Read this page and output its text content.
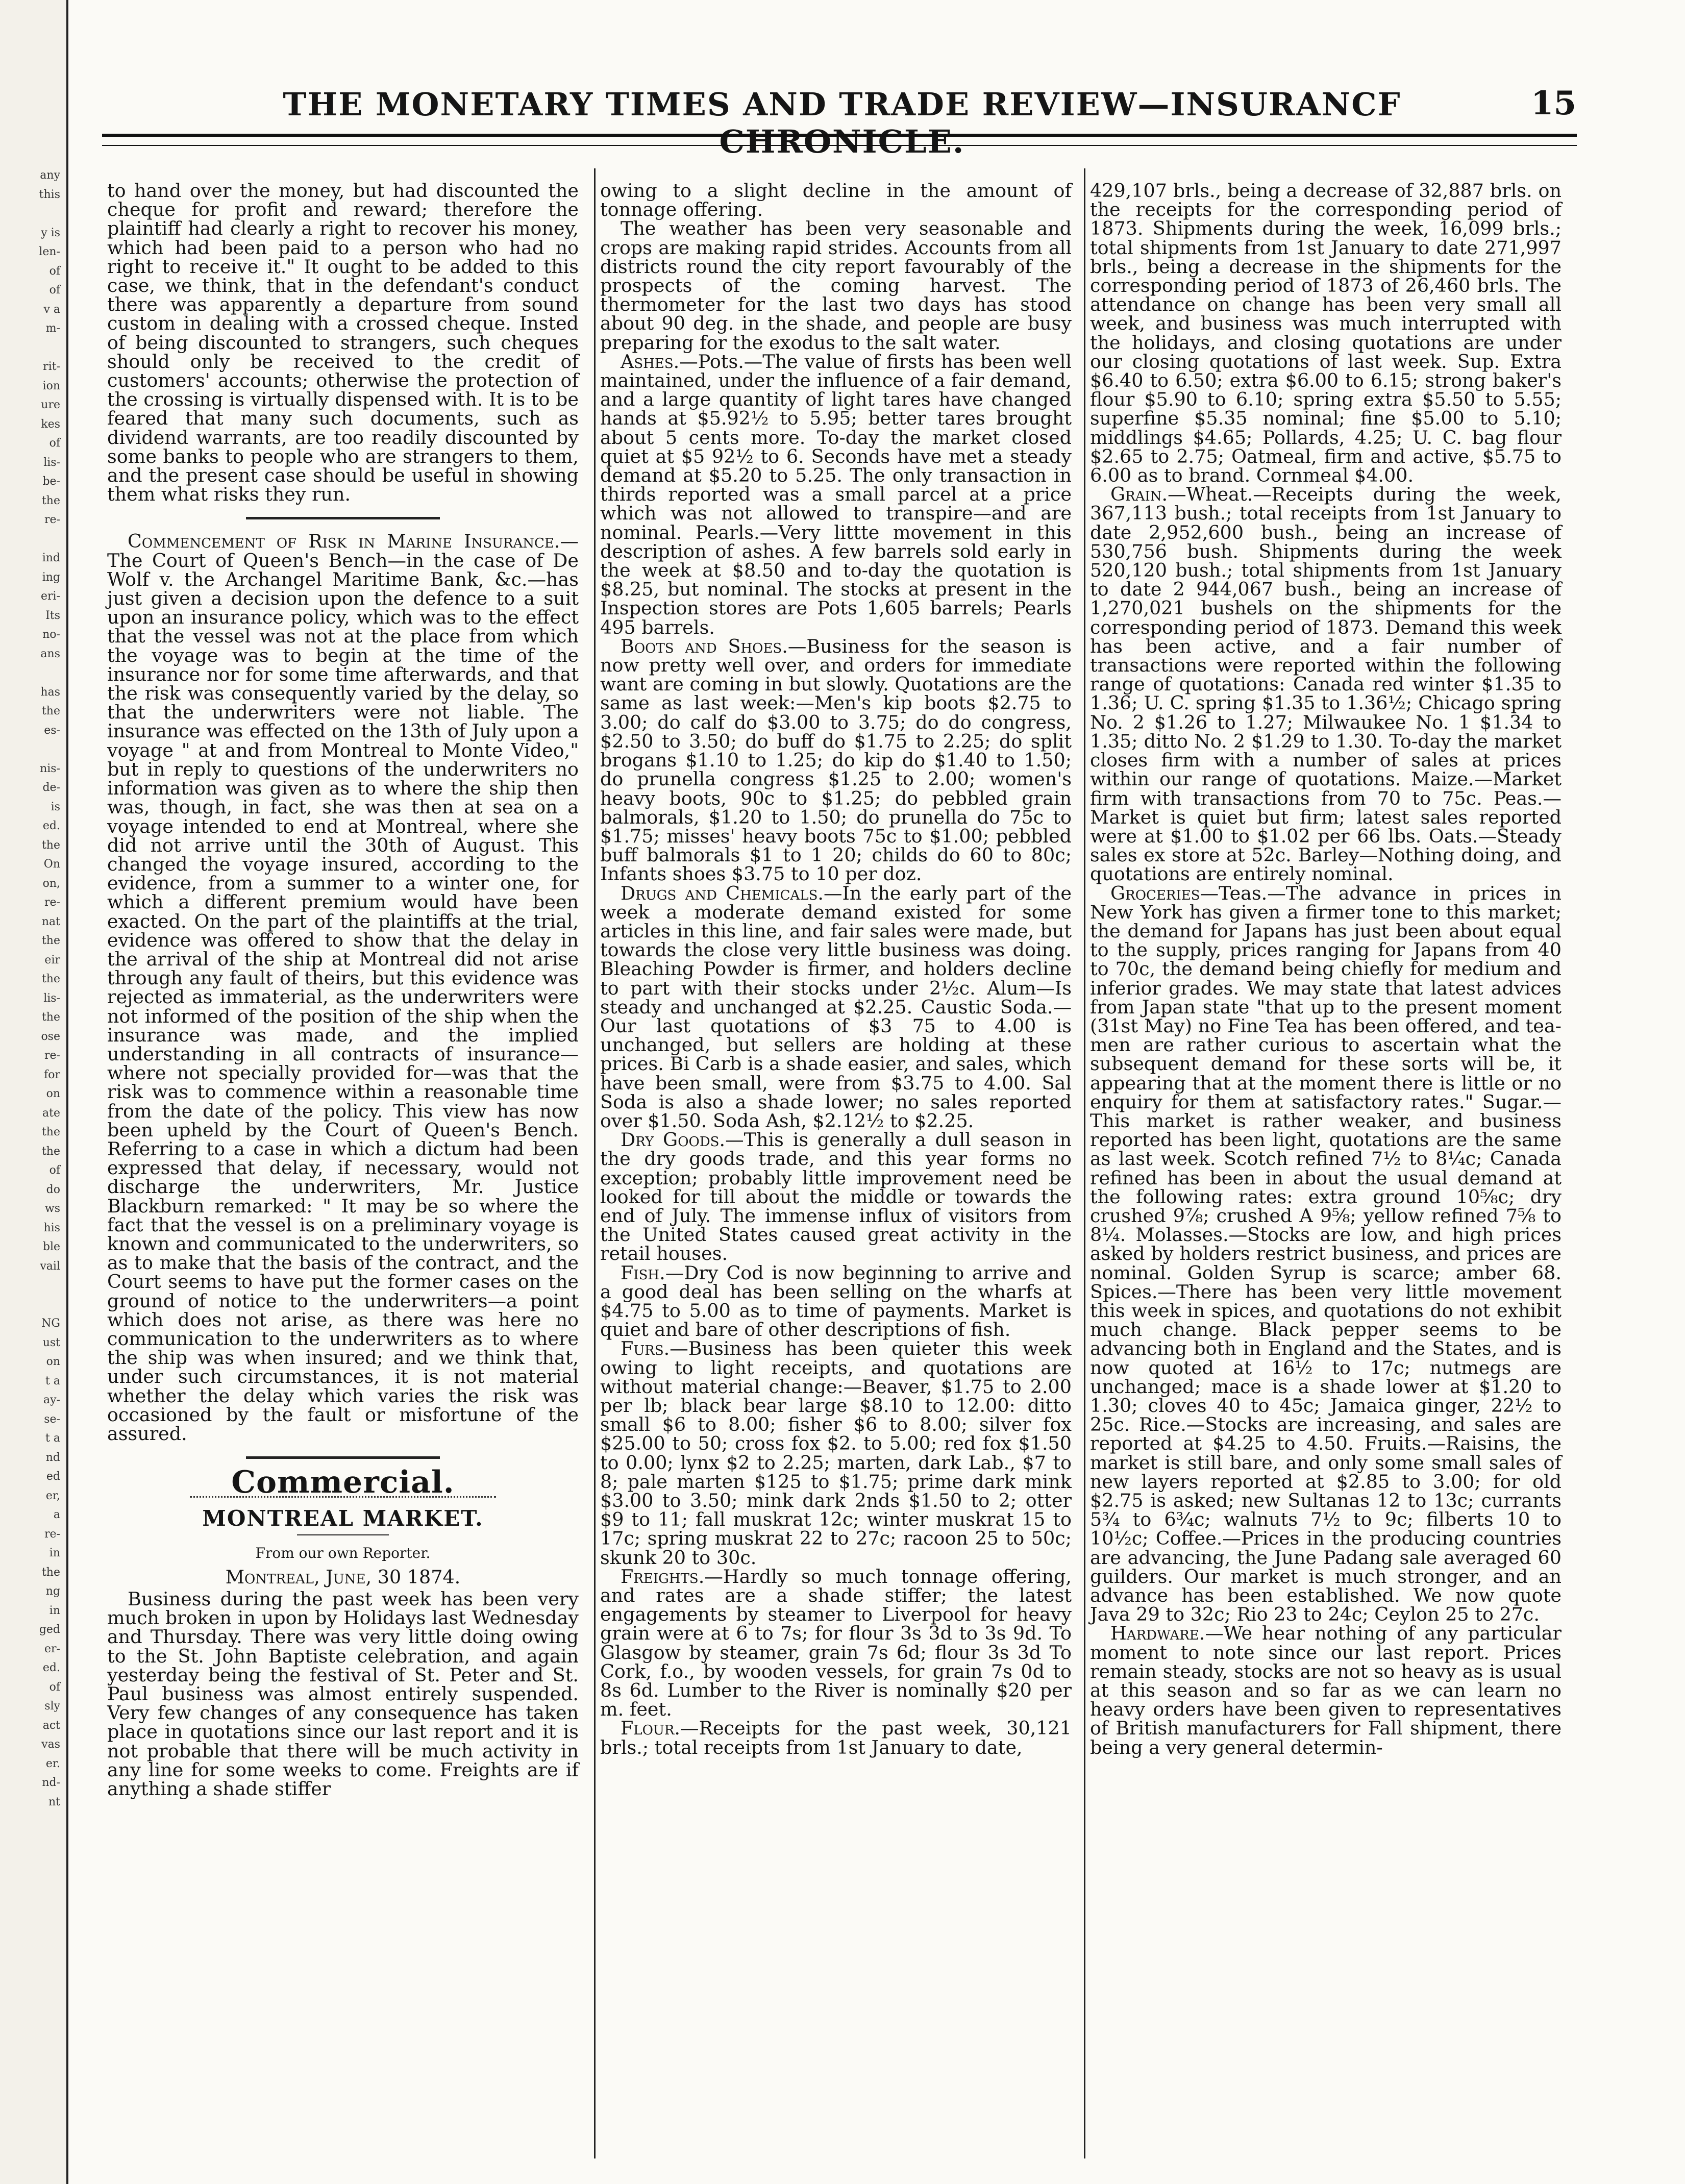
any
this
y is
len-
of
of
v a
m-
rit-
ion
ure
kes
of
lis-
be-
the
re-
ind
ing
eri-
Its
no-
ans
has
the
es-
nis-
de-
is
ed.
the
On
on,
re-
nat
the
eir
the
lis-
the
ose
re-
for
on
ate
the
the
of
do
ws
his
ble
vail
NG
ust
on
t a
ay-
se-
t a
nd
ed
er,
a
re-
in
the
ng
in
ged
er-
ed.
of
sly
act
vas
er.
nd-
nt
THE MONETARY TIMES AND TRADE REVIEW—INSURANCF CHRONICLE.
15

to hand over the money, but had discounted the cheque for profit and reward; therefore the plaintiff had clearly a right to recover his money, which had been paid to a person who had no right to receive it." It ought to be added to this case, we think, that in the defendant's conduct there was apparently a departure from sound custom in dealing with a crossed cheque. Insted of being discounted to strangers, such cheques should only be received to the credit of customers' accounts; otherwise the protection of the crossing is virtually dispensed with. It is to be feared that many such documents, such as dividend warrants, are too readily discounted by some banks to people who are strangers to them, and the present case should be useful in showing them what risks they run.

Commencement of Risk in Marine Insurance.—The Court of Queen's Bench—in the case of De Wolf v. the Archangel Maritime Bank, &c.—has just given a decision upon the defence to a suit upon an insurance policy, which was to the effect that the vessel was not at the place from which the voyage was to begin at the time of the insurance nor for some time afterwards, and that the risk was consequently varied by the delay, so that the underwriters were not liable. The insurance was effected on the 13th of July upon a voyage " at and from Montreal to Monte Video," but in reply to questions of the underwriters no information was given as to where the ship then was, though, in fact, she was then at sea on a voyage intended to end at Montreal, where she did not arrive until the 30th of August. This changed the voyage insured, according to the evidence, from a summer to a winter one, for which a different premium would have been exacted. On the part of the plaintiffs at the trial, evidence was offered to show that the delay in the arrival of the ship at Montreal did not arise through any fault of theirs, but this evidence was rejected as immaterial, as the underwriters were not informed of the position of the ship when the insurance was made, and the implied understanding in all contracts of insurance—where not specially provided for—was that the risk was to commence within a reasonable time from the date of the policy. This view has now been upheld by the Court of Queen's Bench. Referring to a case in which a dictum had been expressed that delay, if necessary, would not discharge the underwriters, Mr. Justice Blackburn remarked: " It may be so where the fact that the vessel is on a preliminary voyage is known and communicated to the underwriters, so as to make that the basis of the contract, and the Court seems to have put the former cases on the ground of notice to the underwriters—a point which does not arise, as there was here no communication to the underwriters as to where the ship was when insured; and we think that, under such circumstances, it is not material whether the delay which varies the risk was occasioned by the fault or misfortune of the assured.

Commercial.
MONTREAL MARKET.
From our own Reporter.
Montreal, June, 30 1874.

Business during the past week has been very much broken in upon by Holidays last Wednesday and Thursday. There was very little doing owing to the St. John Baptiste celebration, and again yesterday being the festival of St. Peter and St. Paul business was almost entirely suspended. Very few changes of any consequence has taken place in quotations since our last report and it is not probable that there will be much activity in any line for some weeks to come. Freights are if anything a shade stiffer

owing to a slight decline in the amount of tonnage offering.

The weather has been very seasonable and crops are making rapid strides. Accounts from all districts round the city report favourably of the prospects of the coming harvest. The thermometer for the last two days has stood about 90 deg. in the shade, and people are busy preparing for the exodus to the salt water.

Ashes.—Pots.—The value of firsts has been well maintained, under the influence of a fair demand, and a large quantity of light tares have changed hands at $5.92½ to 5.95; better tares brought about 5 cents more. To-day the market closed quiet at $5 92½ to 6. Seconds have met a steady demand at $5.20 to 5.25. The only transaction in thirds reported was a small parcel at a price which was not allowed to transpire—and are nominal. Pearls.—Very littte movement in this description of ashes. A few barrels sold early in the week at $8.50 and to-day the quotation is $8.25, but nominal. The stocks at present in the Inspection stores are Pots 1,605 barrels; Pearls 495 barrels.

Boots and Shoes.—Business for the season is now pretty well over, and orders for immediate want are coming in but slowly. Quotations are the same as last week:—Men's kip boots $2.75 to 3.00; do calf do $3.00 to 3.75; do do congress, $2.50 to 3.50; do buff do $1.75 to 2.25; do split brogans $1.10 to 1.25; do kip do $1.40 to 1.50; do prunella congress $1.25 to 2.00; women's heavy boots, 90c to $1.25; do pebbled grain balmorals, $1.20 to 1.50; do prunella do 75c to $1.75; misses' heavy boots 75c to $1.00; pebbled buff balmorals $1 to 1 20; childs do 60 to 80c; Infants shoes $3.75 to 10 per doz.

Drugs and Chemicals.—In the early part of the week a moderate demand existed for some articles in this line, and fair sales were made, but towards the close very little business was doing. Bleaching Powder is firmer, and holders decline to part with their stocks under 2½c. Alum—Is steady and unchanged at $2.25. Caustic Soda.—Our last quotations of $3 75 to 4.00 is unchanged, but sellers are holding at these prices. Bi Carb is a shade easier, and sales, which have been small, were from $3.75 to 4.00. Sal Soda is also a shade lower; no sales reported over $1.50. Soda Ash, $2.12½ to $2.25.

Dry Goods.—This is generally a dull season in the dry goods trade, and this year forms no exception; probably little improvement need be looked for till about the middle or towards the end of July. The immense influx of visitors from the United States caused great activity in the retail houses.

Fish.—Dry Cod is now beginning to arrive and a good deal has been selling on the wharfs at $4.75 to 5.00 as to time of payments. Market is quiet and bare of other descriptions of fish.

Furs.—Business has been quieter this week owing to light receipts, and quotations are without material change:—Beaver, $1.75 to 2.00 per lb; black bear large $8.10 to 12.00: ditto small $6 to 8.00; fisher $6 to 8.00; silver fox $25.00 to 50; cross fox $2. to 5.00; red fox $1.50 to 0.00; lynx $2 to 2.25; marten, dark Lab., $7 to 8; pale marten $125 to $1.75; prime dark mink $3.00 to 3.50; mink dark 2nds $1.50 to 2; otter $9 to 11; fall muskrat 12c; winter muskrat 15 to 17c; spring muskrat 22 to 27c; racoon 25 to 50c; skunk 20 to 30c.

Freights.—Hardly so much tonnage offering, and rates are a shade stiffer; the latest engagements by steamer to Liverpool for heavy grain were at 6 to 7s; for flour 3s 3d to 3s 9d. To Glasgow by steamer, grain 7s 6d; flour 3s 3d To Cork, f.o., by wooden vessels, for grain 7s 0d to 8s 6d. Lumber to the River is nominally $20 per m. feet.

Flour.—Receipts for the past week, 30,121 brls.; total receipts from 1st January to date,

429,107 brls., being a decrease of 32,887 brls. on the receipts for the corresponding period of 1873. Shipments during the week, 16,099 brls.; total shipments from 1st January to date 271,997 brls., being a decrease in the shipments for the corresponding period of 1873 of 26,460 brls. The attendance on change has been very small all week, and business was much interrupted with the holidays, and closing quotations are under our closing quotations of last week. Sup. Extra $6.40 to 6.50; extra $6.00 to 6.15; strong baker's flour $5.90 to 6.10; spring extra $5.50 to 5.55; superfine $5.35 nominal; fine $5.00 to 5.10; middlings $4.65; Pollards, 4.25; U. C. bag flour $2.65 to 2.75; Oatmeal, firm and active, $5.75 to 6.00 as to brand. Cornmeal $4.00.

Grain.—Wheat.—Receipts during the week, 367,113 bush.; total receipts from 1st January to date 2,952,600 bush., being an increase of 530,756 bush. Shipments during the week 520,120 bush.; total shipments from 1st January to date 2 944,067 bush., being an increase of 1,270,021 bushels on the shipments for the corresponding period of 1873. Demand this week has been active, and a fair number of transactions were reported within the following range of quotations: Canada red winter $1.35 to 1.36; U. C. spring $1.35 to 1.36½; Chicago spring No. 2 $1.26 to 1.27; Milwaukee No. 1 $1.34 to 1.35; ditto No. 2 $1.29 to 1.30. To-day the market closes firm with a number of sales at prices within our range of quotations. Maize.—Market firm with transactions from 70 to 75c. Peas.—Market is quiet but firm; latest sales reported were at $1.00 to $1.02 per 66 lbs. Oats.—Steady sales ex store at 52c. Barley—Nothing doing, and quotations are entirely nominal.

Groceries—Teas.—The advance in prices in New York has given a firmer tone to this market; the demand for Japans has just been about equal to the supply, prices ranging for Japans from 40 to 70c, the demand being chiefly for medium and inferior grades. We may state that latest advices from Japan state "that up to the present moment (31st May) no Fine Tea has been offered, and tea-men are rather curious to ascertain what the subsequent demand for these sorts will be, it appearing that at the moment there is little or no enquiry for them at satisfactory rates." Sugar.—This market is rather weaker, and business reported has been light, quotations are the same as last week. Scotch refined 7½ to 8¼c; Canada refined has been in about the usual demand at the following rates: extra ground 10⅝c; dry crushed 9⅞; crushed A 9⅝; yellow refined 7⅝ to 8¼. Molasses.—Stocks are low, and high prices asked by holders restrict business, and prices are nominal. Golden Syrup is scarce; amber 68. Spices.—There has been very little movement this week in spices, and quotations do not exhibit much change. Black pepper seems to be advancing both in England and the States, and is now quoted at 16½ to 17c; nutmegs are unchanged; mace is a shade lower at $1.20 to 1.30; cloves 40 to 45c; Jamaica ginger, 22½ to 25c. Rice.—Stocks are increasing, and sales are reported at $4.25 to 4.50. Fruits.—Raisins, the market is still bare, and only some small sales of new layers reported at $2.85 to 3.00; for old $2.75 is asked; new Sultanas 12 to 13c; currants 5¾ to 6¾c; walnuts 7½ to 9c; filberts 10 to 10½c; Coffee.—Prices in the producing countries are advancing, the June Padang sale averaged 60 guilders. Our market is much stronger, and an advance has been established. We now quote Java 29 to 32c; Rio 23 to 24c; Ceylon 25 to 27c.

Hardware.—We hear nothing of any particular moment to note since our last report. Prices remain steady, stocks are not so heavy as is usual at this season and so far as we can learn no heavy orders have been given to representatives of British manufacturers for Fall shipment, there being a very general determin-
